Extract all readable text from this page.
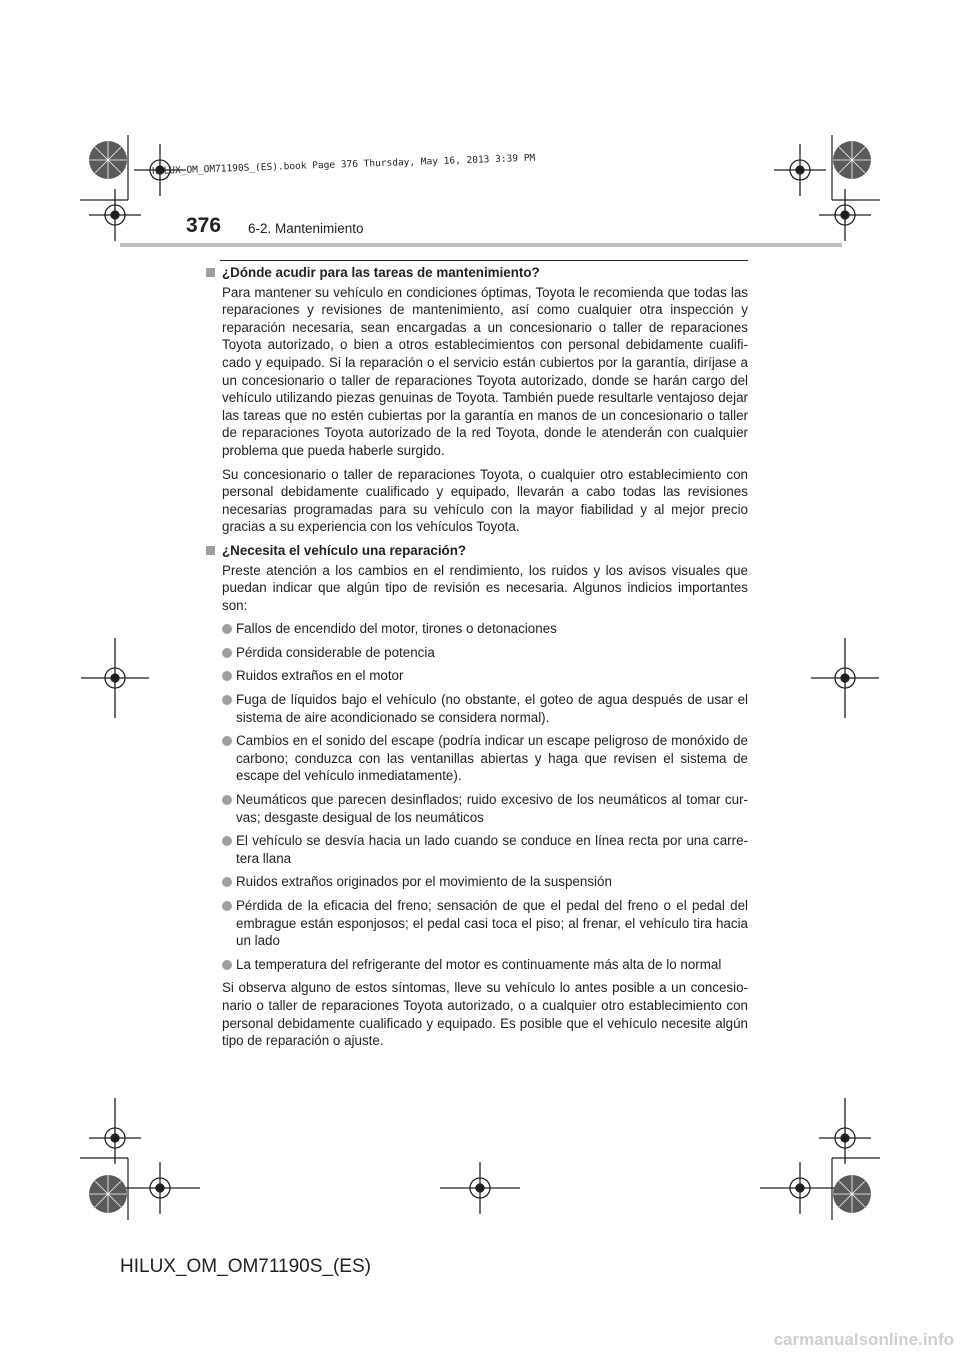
HILUX_OM_OM71190S_(ES).book Page 376 Thursday, May 16, 2013 3:39 PM
376 6-2. Mantenimiento
¿Dónde acudir para las tareas de mantenimiento?
Para mantener su vehículo en condiciones óptimas, Toyota le recomienda que todas las reparaciones y revisiones de mantenimiento, así como cualquier otra inspección y reparación necesaria, sean encargadas a un concesionario o taller de reparaciones Toyota autorizado, o bien a otros establecimientos con personal debidamente cualifi-cado y equipado. Si la reparación o el servicio están cubiertos por la garantía, diríjase a un concesionario o taller de reparaciones Toyota autorizado, donde se harán cargo del vehículo utilizando piezas genuinas de Toyota. También puede resultarle ventajoso dejar las tareas que no estén cubiertas por la garantía en manos de un concesionario o taller de reparaciones Toyota autorizado de la red Toyota, donde le atenderán con cualquier problema que pueda haberle surgido.
Su concesionario o taller de reparaciones Toyota, o cualquier otro establecimiento con personal debidamente cualificado y equipado, llevarán a cabo todas las revisiones necesarias programadas para su vehículo con la mayor fiabilidad y al mejor precio gracias a su experiencia con los vehículos Toyota.
¿Necesita el vehículo una reparación?
Preste atención a los cambios en el rendimiento, los ruidos y los avisos visuales que puedan indicar que algún tipo de revisión es necesaria. Algunos indicios importantes son:
Fallos de encendido del motor, tirones o detonaciones
Pérdida considerable de potencia
Ruidos extraños en el motor
Fuga de líquidos bajo el vehículo (no obstante, el goteo de agua después de usar el sistema de aire acondicionado se considera normal).
Cambios en el sonido del escape (podría indicar un escape peligroso de monóxido de carbono; conduzca con las ventanillas abiertas y haga que revisen el sistema de escape del vehículo inmediatamente).
Neumáticos que parecen desinflados; ruido excesivo de los neumáticos al tomar cur-vas; desgaste desigual de los neumáticos
El vehículo se desvía hacia un lado cuando se conduce en línea recta por una carre-tera llana
Ruidos extraños originados por el movimiento de la suspensión
Pérdida de la eficacia del freno; sensación de que el pedal del freno o el pedal del embrague están esponjosos; el pedal casi toca el piso; al frenar, el vehículo tira hacia un lado
La temperatura del refrigerante del motor es continuamente más alta de lo normal
Si observa alguno de estos síntomas, lleve su vehículo lo antes posible a un concesio-nario o taller de reparaciones Toyota autorizado, o a cualquier otro establecimiento con personal debidamente cualificado y equipado. Es posible que el vehículo necesite algún tipo de reparación o ajuste.
HILUX_OM_OM71190S_(ES)
carmanualsonline.info
